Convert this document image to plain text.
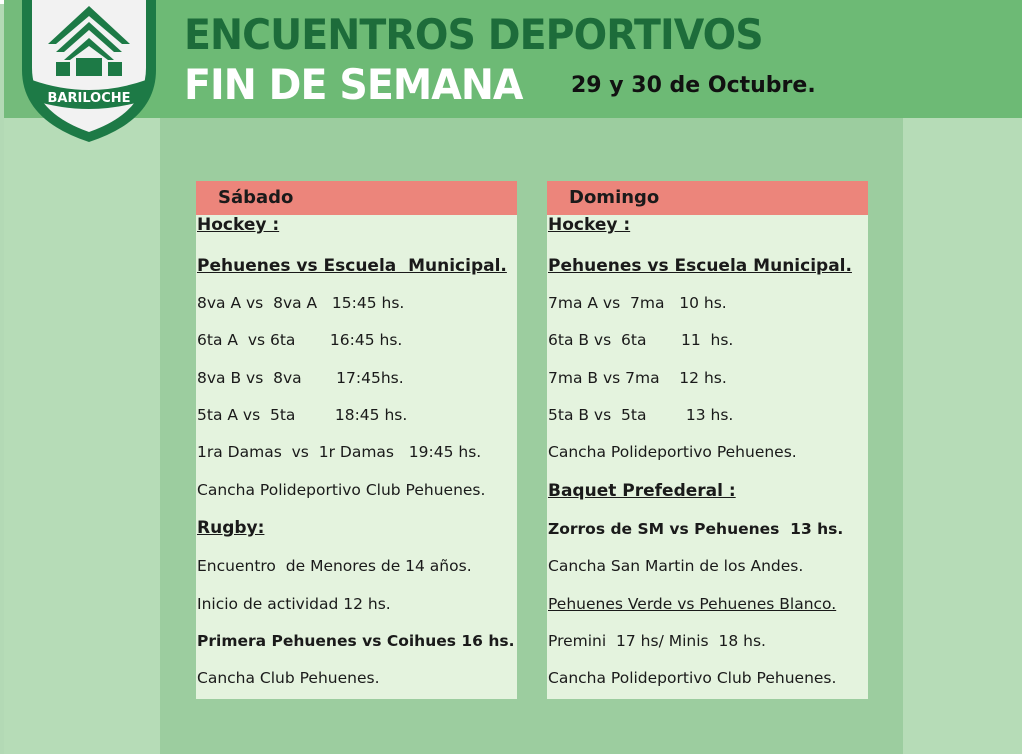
BARILOCHE
ENCUENTROS DEPORTIVOS
FIN DE SEMANA 29 y 30 de Octubre.
Sábado
Hockey :
Pehuenes vs Escuela  Municipal.
8va A vs  8va A   15:45 hs.
6ta A  vs 6ta       16:45 hs.
8va B vs  8va       17:45hs.
5ta A vs  5ta        18:45 hs.
1ra Damas  vs  1r Damas   19:45 hs.
Cancha Polideportivo Club Pehuenes.
Rugby:
Encuentro  de Menores de 14 años.
Inicio de actividad 12 hs.
Primera Pehuenes vs Coihues 16 hs.
Cancha Club Pehuenes.
Domingo
Hockey :
Pehuenes vs Escuela Municipal.
7ma A vs  7ma   10 hs.
6ta B vs  6ta       11  hs.
7ma B vs 7ma    12 hs.
5ta B vs  5ta        13 hs.
Cancha Polideportivo Pehuenes.
Baquet Prefederal :
Zorros de SM vs Pehuenes  13 hs.
Cancha San Martin de los Andes.
Pehuenes Verde vs Pehuenes Blanco.
Premini  17 hs/ Minis  18 hs.
Cancha Polideportivo Club Pehuenes.
